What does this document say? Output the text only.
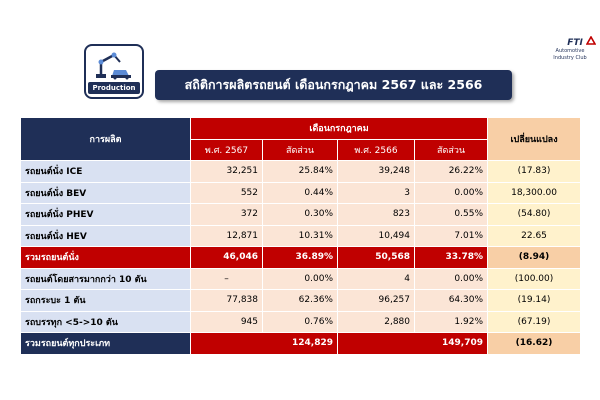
Production	สถิติการผลิตรถยนต์ เดือนกรกฎาคม 2567 และ 2566
FTI
Automotive
Industry Club
การผลิต	เดือนกรกฎาคม				เปลี่ยนแปลง
	พ.ศ. 2567	สัดส่วน	พ.ศ. 2566	สัดส่วน	
รถยนต์นั่ง ICE	32,251	25.84%	39,248	26.22%	(17.83)
รถยนต์นั่ง BEV	552	0.44%	3	0.00%	18,300.00
รถยนต์นั่ง PHEV	372	0.30%	823	0.55%	(54.80)
รถยนต์นั่ง HEV	12,871	10.31%	10,494	7.01%	22.65
รวมรถยนต์นั่ง	46,046	36.89%	50,568	33.78%	(8.94)
รถยนต์โดยสารมากกว่า 10 ตัน	–	0.00%	4	0.00%	(100.00)
รถกระบะ 1 ตัน	77,838	62.36%	96,257	64.30%	(19.14)
รถบรรทุก <5->10 ตัน	945	0.76%	2,880	1.92%	(67.19)
รวมรถยนต์ทุกประเภท	124,829		149,709		(16.62)
